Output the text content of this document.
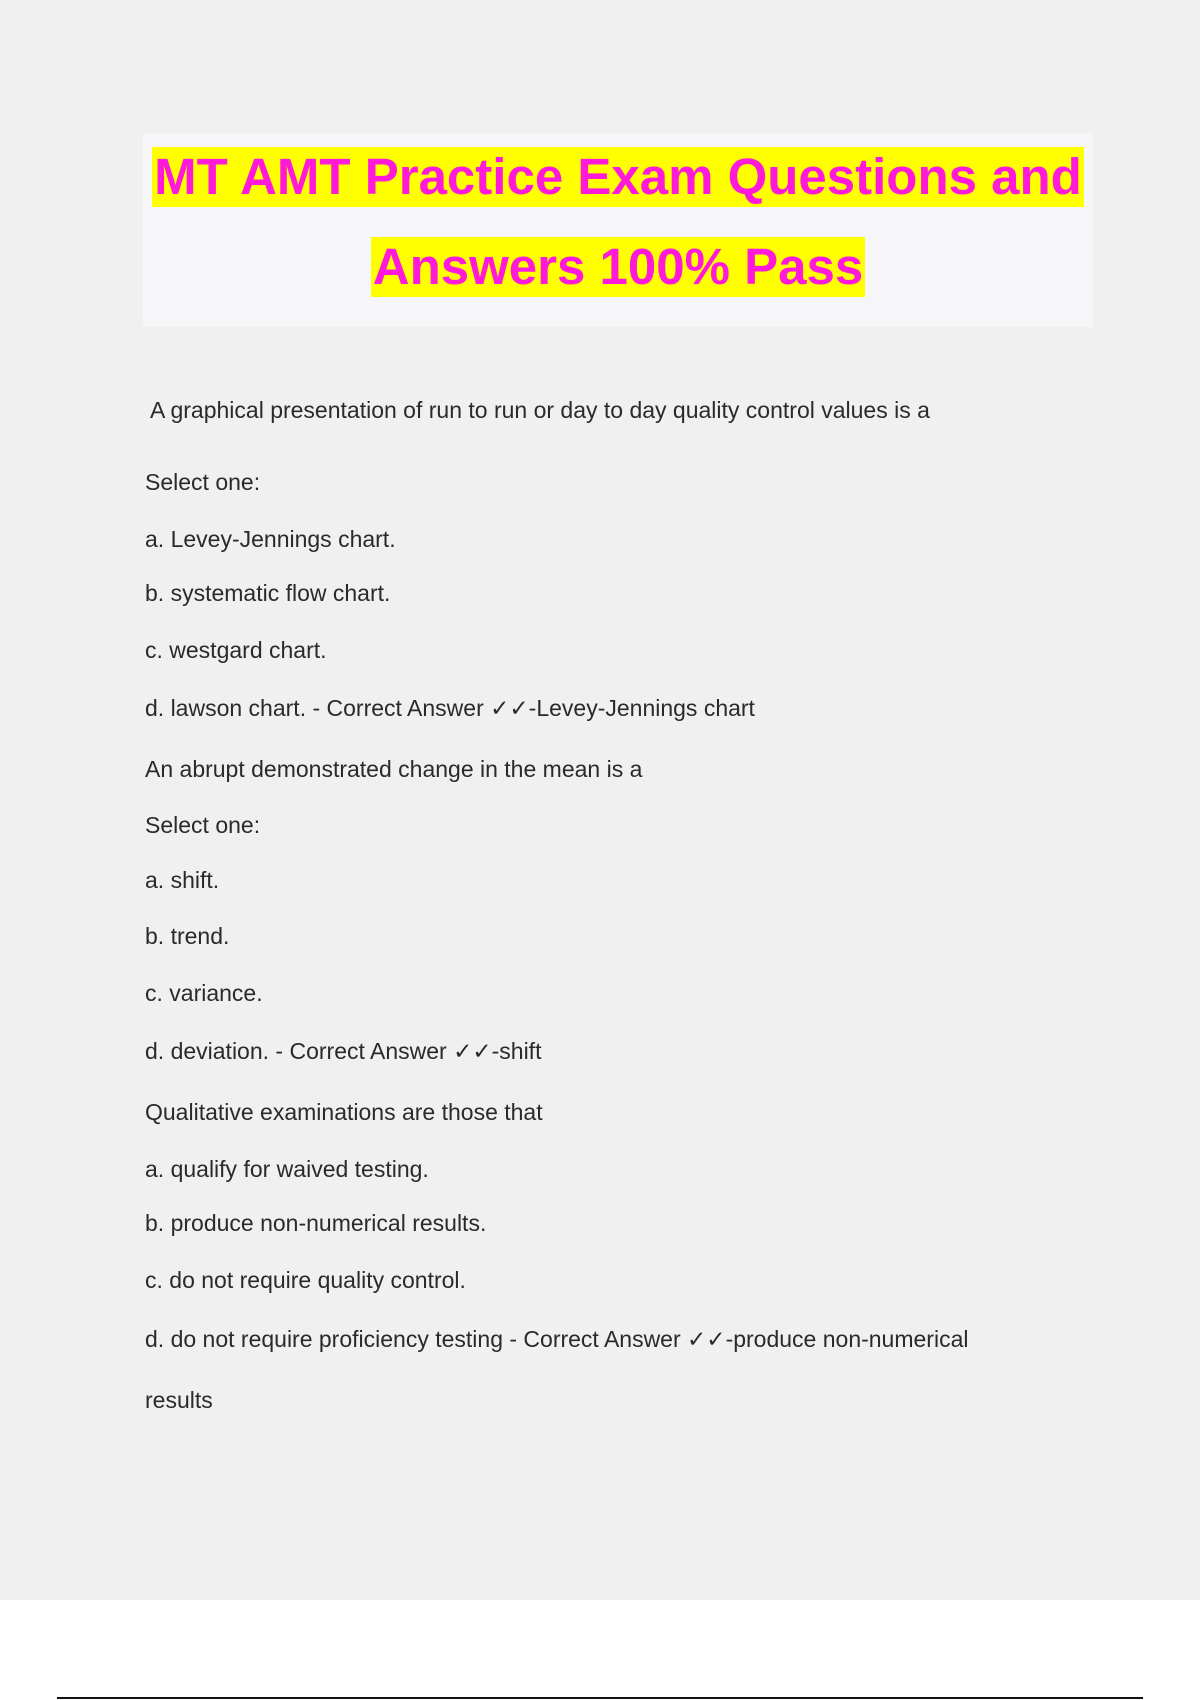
MT AMT Practice Exam Questions and
Answers 100% Pass
A graphical presentation of run to run or day to day quality control values is a
Select one:
a. Levey-Jennings chart.
b. systematic flow chart.
c. westgard chart.
d. lawson chart. - Correct Answer ✓✓-Levey-Jennings chart
An abrupt demonstrated change in the mean is a
Select one:
a. shift.
b. trend.
c. variance.
d. deviation. - Correct Answer ✓✓-shift
Qualitative examinations are those that
a. qualify for waived testing.
b. produce non-numerical results.
c. do not require quality control.
d. do not require proficiency testing - Correct Answer ✓✓-produce non-numerical
results
